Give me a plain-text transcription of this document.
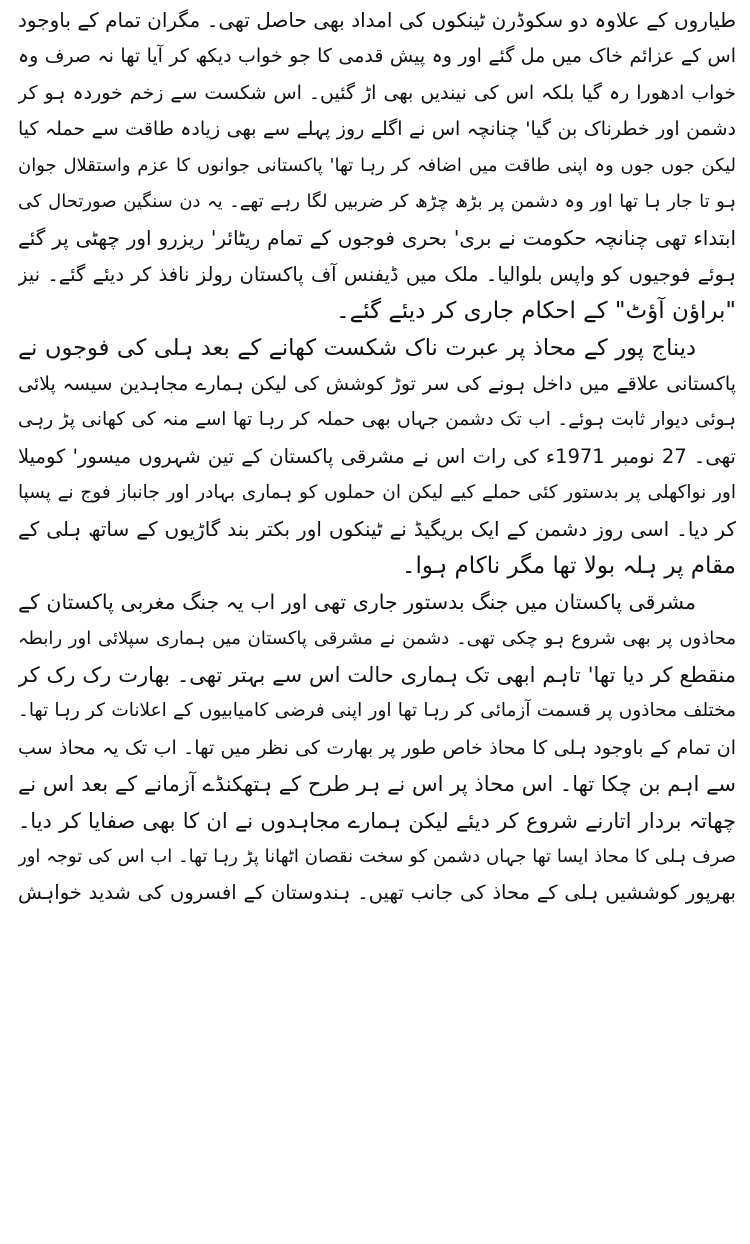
طیاروں کے علاوہ دو سکوڈرن ٹینکوں کی امداد بھی حاصل تھی۔ مگران تمام کے باوجود
اس کے عزائم خاک میں مل گئے اور وہ پیش قدمی کا جو خواب دیکھ کر آیا تھا نہ صرف وہ
خواب ادھورا رہ گیا بلکہ اس کی نیندیں بھی اڑ گئیں۔ اس شکست سے زخم خوردہ ہو کر
دشمن اور خطرناک بن گیا' چنانچہ اس نے اگلے روز پہلے سے بھی زیادہ طاقت سے حملہ کیا
لیکن جوں جوں وہ اپنی طاقت میں اضافہ کر رہا تھا' پاکستانی جوانوں کا عزم واستقلال جوان
ہو تا جار ہا تھا اور وہ دشمن پر بڑھ چڑھ کر ضربیں لگا رہے تھے۔ یہ دن سنگین صورتحال کی
ابتداء تھی چنانچہ حکومت نے بری' بحری فوجوں کے تمام ریٹائر' ریزرو اور چھٹی پر گئے
ہوئے فوجیوں کو واپس بلوالیا۔ ملک میں ڈیفنس آف پاکستان رولز نافذ کر دیئے گئے۔ نیز
"براؤن آؤٹ" کے احکام جاری کر دیئے گئے۔
دیناج پور کے محاذ پر عبرت ناک شکست کھانے کے بعد ہلی کی فوجوں نے
پاکستانی علاقے میں داخل ہونے کی سر توڑ کوشش کی لیکن ہمارے مجاہدین سیسہ پلائی
ہوئی دیوار ثابت ہوئے۔ اب تک دشمن جہاں بھی حملہ کر رہا تھا اسے منہ کی کھانی پڑ رہی
تھی۔ 27 نومبر 1971ء کی رات اس نے مشرقی پاکستان کے تین شہروں میسور' کومیلا
اور نواکھلی پر بدستور کئی حملے کیے لیکن ان حملوں کو ہماری بہادر اور جانباز فوج نے پسپا
کر دیا۔ اسی روز دشمن کے ایک بریگیڈ نے ٹینکوں اور بکتر بند گاڑیوں کے ساتھ ہلی کے
مقام پر ہلہ بولا تھا مگر ناکام ہوا۔
مشرقی پاکستان میں جنگ بدستور جاری تھی اور اب یہ جنگ مغربی پاکستان کے
محاذوں پر بھی شروع ہو چکی تھی۔ دشمن نے مشرقی پاکستان میں ہماری سپلائی اور رابطہ
منقطع کر دیا تھا' تاہم ابھی تک ہماری حالت اس سے بہتر تھی۔ بھارت رک رک کر
مختلف محاذوں پر قسمت آزمائی کر رہا تھا اور اپنی فرضی کامیابیوں کے اعلانات کر رہا تھا۔
ان تمام کے باوجود ہلی کا محاذ خاص طور پر بھارت کی نظر میں تھا۔ اب تک یہ محاذ سب
سے اہم بن چکا تھا۔ اس محاذ پر اس نے ہر طرح کے ہتھکنڈے آزمانے کے بعد اس نے
چھاتہ بردار اتارنے شروع کر دیئے لیکن ہمارے مجاہدوں نے ان کا بھی صفایا کر دیا۔
صرف ہلی کا محاذ ایسا تھا جہاں دشمن کو سخت نقصان اٹھانا پڑ رہا تھا۔ اب اس کی توجہ اور
بھرپور کوششیں ہلی کے محاذ کی جانب تھیں۔ ہندوستان کے افسروں کی شدید خواہش
